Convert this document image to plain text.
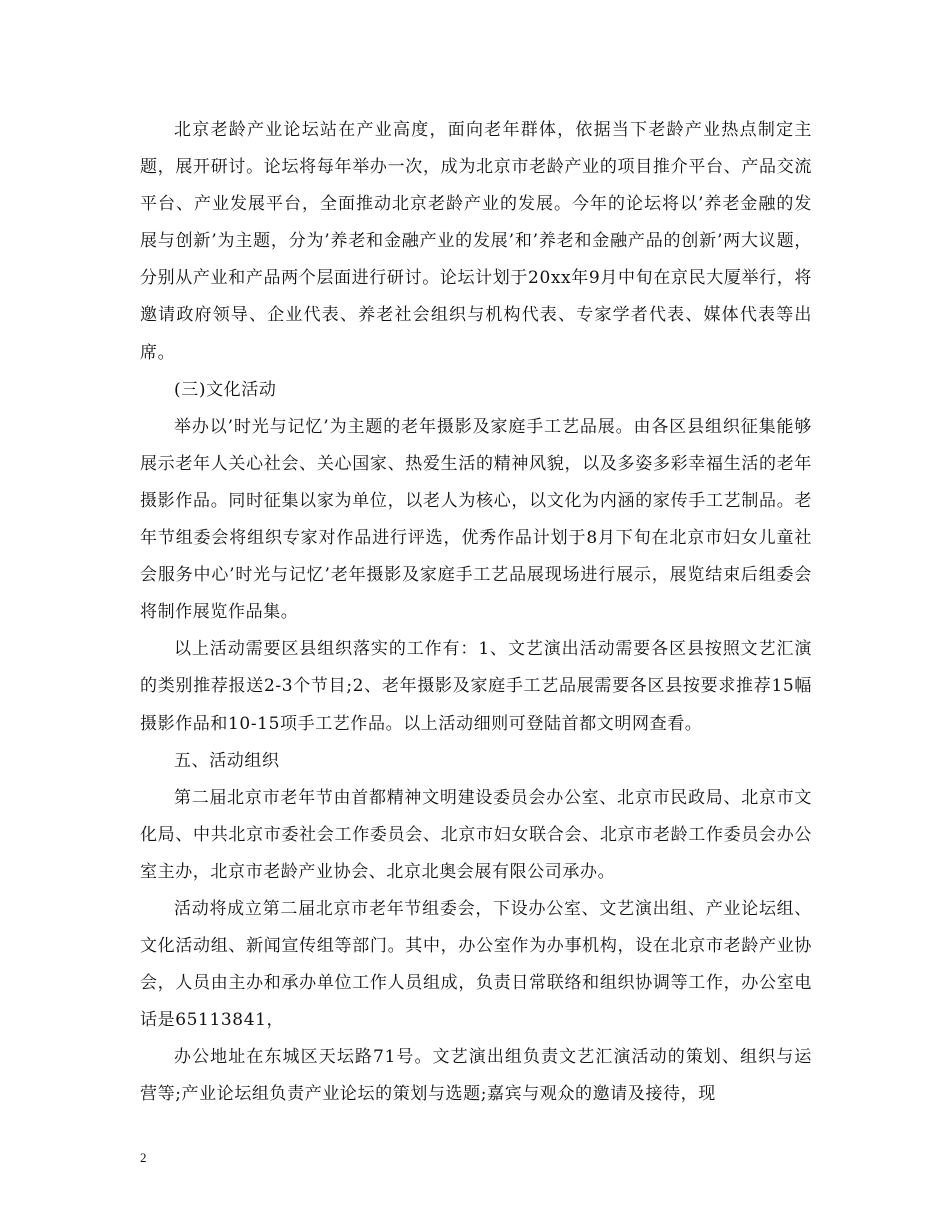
北京老龄产业论坛站在产业高度，面向老年群体，依据当下老龄产业热点制定主题，展开研讨。论坛将每年举办一次，成为北京市老龄产业的项目推介平台、产品交流平台、产业发展平台，全面推动北京老龄产业的发展。今年的论坛将以’养老金融的发展与创新’为主题，分为’养老和金融产业的发展’和’养老和金融产品的创新’两大议题，分别从产业和产品两个层面进行研讨。论坛计划于20xx年9月中旬在京民大厦举行，将邀请政府领导、企业代表、养老社会组织与机构代表、专家学者代表、媒体代表等出席。

(三)文化活动

举办以’时光与记忆’为主题的老年摄影及家庭手工艺品展。由各区县组织征集能够展示老年人关心社会、关心国家、热爱生活的精神风貌，以及多姿多彩幸福生活的老年摄影作品。同时征集以家为单位，以老人为核心，以文化为内涵的家传手工艺制品。老年节组委会将组织专家对作品进行评选，优秀作品计划于8月下旬在北京市妇女儿童社会服务中心’时光与记忆’老年摄影及家庭手工艺品展现场进行展示，展览结束后组委会将制作展览作品集。

以上活动需要区县组织落实的工作有：1、文艺演出活动需要各区县按照文艺汇演的类别推荐报送2-3个节目;2、老年摄影及家庭手工艺品展需要各区县按要求推荐15幅摄影作品和10-15项手工艺作品。以上活动细则可登陆首都文明网查看。

五、活动组织

第二届北京市老年节由首都精神文明建设委员会办公室、北京市民政局、北京市文化局、中共北京市委社会工作委员会、北京市妇女联合会、北京市老龄工作委员会办公室主办，北京市老龄产业协会、北京北奥会展有限公司承办。

活动将成立第二届北京市老年节组委会，下设办公室、文艺演出组、产业论坛组、文化活动组、新闻宣传组等部门。其中，办公室作为办事机构，设在北京市老龄产业协会，人员由主办和承办单位工作人员组成，负责日常联络和组织协调等工作，办公室电话是65113841，

办公地址在东城区天坛路71号。文艺演出组负责文艺汇演活动的策划、组织与运营等;产业论坛组负责产业论坛的策划与选题;嘉宾与观众的邀请及接待，现

2
